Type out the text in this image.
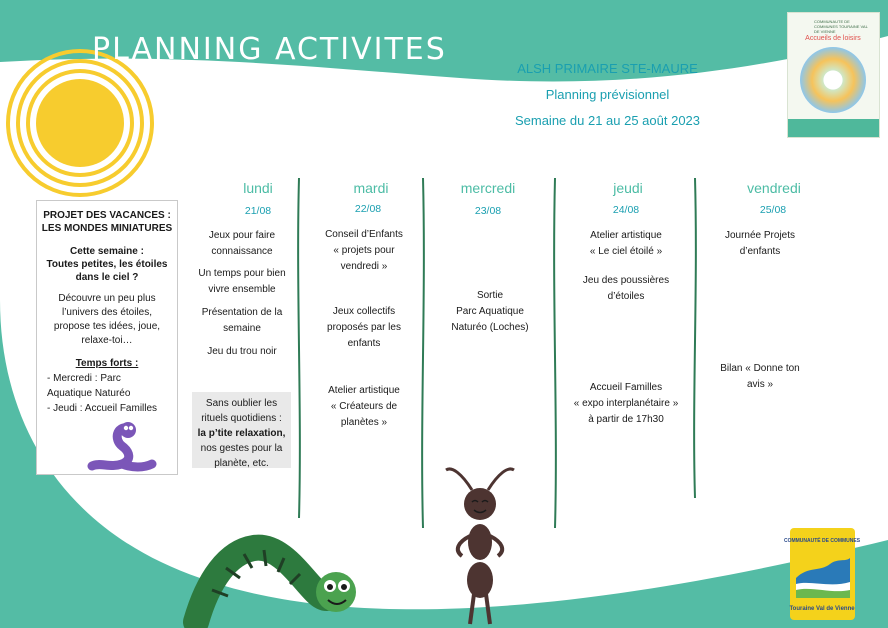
PLANNING ACTIVITES
COMMUNAUTE DE COMMUNES TOURAINE VAL DE VIENNE
Accueils de loisirs
ALSH PRIMAIRE STE-MAURE
Planning prévisionnel
Semaine du 21 au 25 août 2023
PROJET DES VACANCES :
LES MONDES MINIATURES
Cette semaine :
Toutes petites, les étoiles
dans le ciel ?
Découvre un peu plus
l’univers des étoiles,
propose tes idées, joue,
relaxe-toi…
Temps forts :
- Mercredi : Parc
Aquatique Naturéo
- Jeudi : Accueil Familles
lundi
21/08
mardi
22/08
mercredi
23/08
jeudi
24/08
vendredi
25/08
Jeux pour faire
connaissance
Un temps pour bien
vivre ensemble
Présentation de la
semaine
Jeu du trou noir
Conseil d’Enfants
« projets pour
vendredi »
Jeux collectifs
proposés par les
enfants
Atelier artistique
« Créateurs de
planètes »
Sortie
Parc Aquatique
Naturéo (Loches)
Atelier artistique
« Le ciel étoilé »
Jeu des poussières
d’étoiles
Accueil Familles
« expo interplanétaire »
à partir de 17h30
Journée Projets
d’enfants
Bilan « Donne ton
avis »
Sans oublier les
rituels quotidiens :
la p’tite relaxation,
nos gestes pour la
planète, etc.
COMMUNAUTÉ DE COMMUNES
Touraine Val de Vienne
